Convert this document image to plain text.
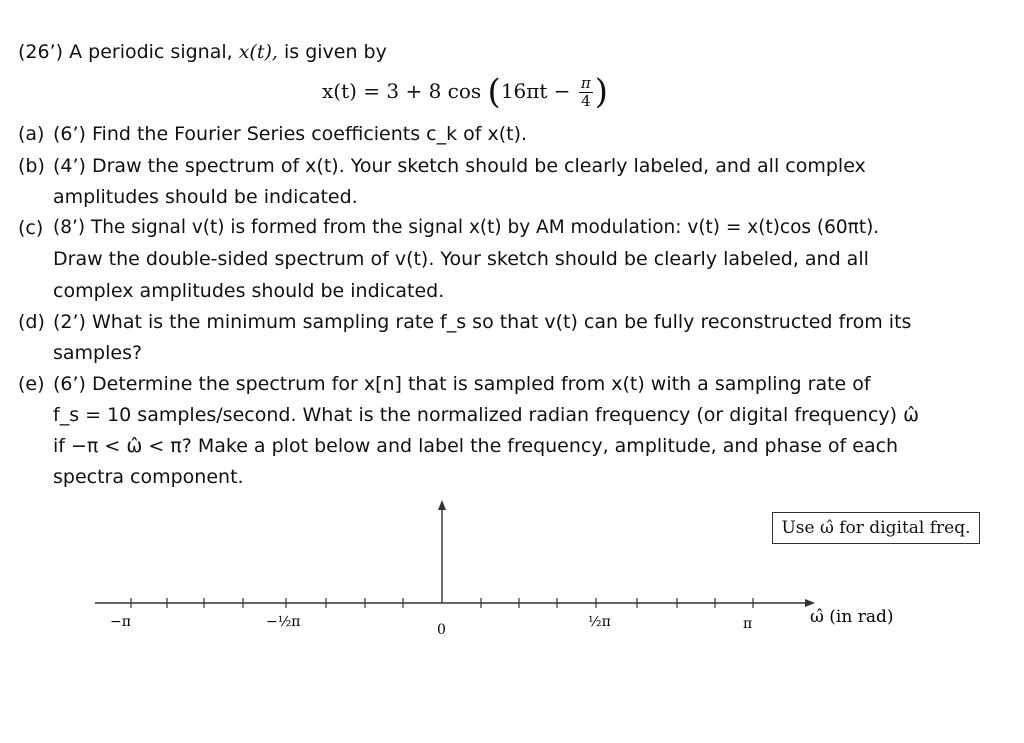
(26’) A periodic signal, x(t), is given by
x(t) = 3 + 8 $\cos (16\pi t - \frac{\pi}{4}$ )
(a) (6’) Find the Fourier Series coefficients c_k of x(t).
(b) (4’) Draw the spectrum of x(t). Your sketch should be clearly labeled, and all complex
amplitudes should be indicated.
(c) (8’) The signal v(t) is formed from the signal x(t) by AM modulation: v(t) = x(t)cos (60πt).
Draw the double-sided spectrum of v(t). Your sketch should be clearly labeled, and all
complex amplitudes should be indicated.
(d) (2’) What is the minimum sampling rate f_s so that v(t) can be fully reconstructed from its
samples?
(e) (6’) Determine the spectrum for x[n] that is sampled from x(t) with a sampling rate of
f_s = 10 samples/second. What is the normalized radian frequency (or digital frequency) ω̂
if −π < ω̂ < π? Make a plot below and label the frequency, amplitude, and phase of each
spectra component.
−π	−½π	0	½π	π	ω̂ (in rad)
Use ω̂ for digital freq.
